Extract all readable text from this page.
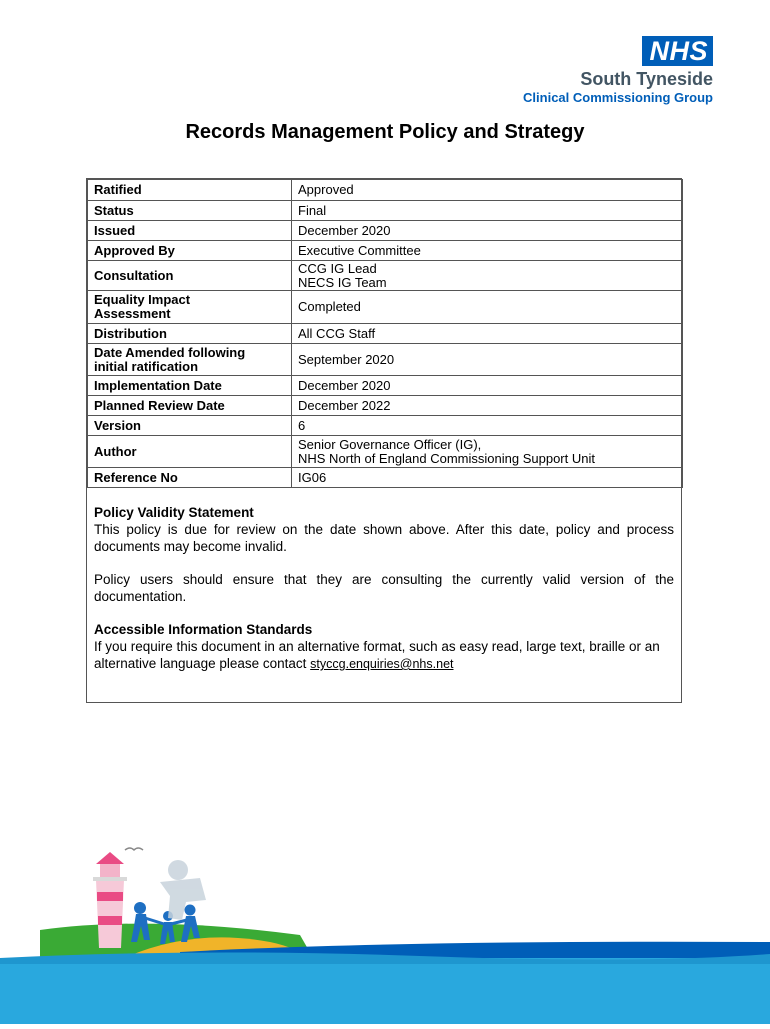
NHS
South Tyneside
Clinical Commissioning Group
Records Management Policy and Strategy
Ratified	Approved
Status	Final
Issued	December 2020
Approved By	Executive Committee
Consultation	CCG IG Lead
NECS IG Team

Equality Impact
Assessment	Completed
Distribution	All CCG Staff

Date Amended following
initial ratification	September 2020
Implementation Date	December 2020
Planned Review Date	December 2022
Version	6
Author	Senior Governance Officer (IG),
NHS North of England Commissioning Support Unit

Reference No	IG06
Policy Validity Statement

This policy is due for review on the date shown above. After this date, policy and process documents may become invalid.

Policy users should ensure that they are consulting the currently valid version of the documentation.

Accessible Information Standards

If you require this document in an alternative format, such as easy read, large text, braille or an alternative language please contact styccg.enquiries@nhs.net
